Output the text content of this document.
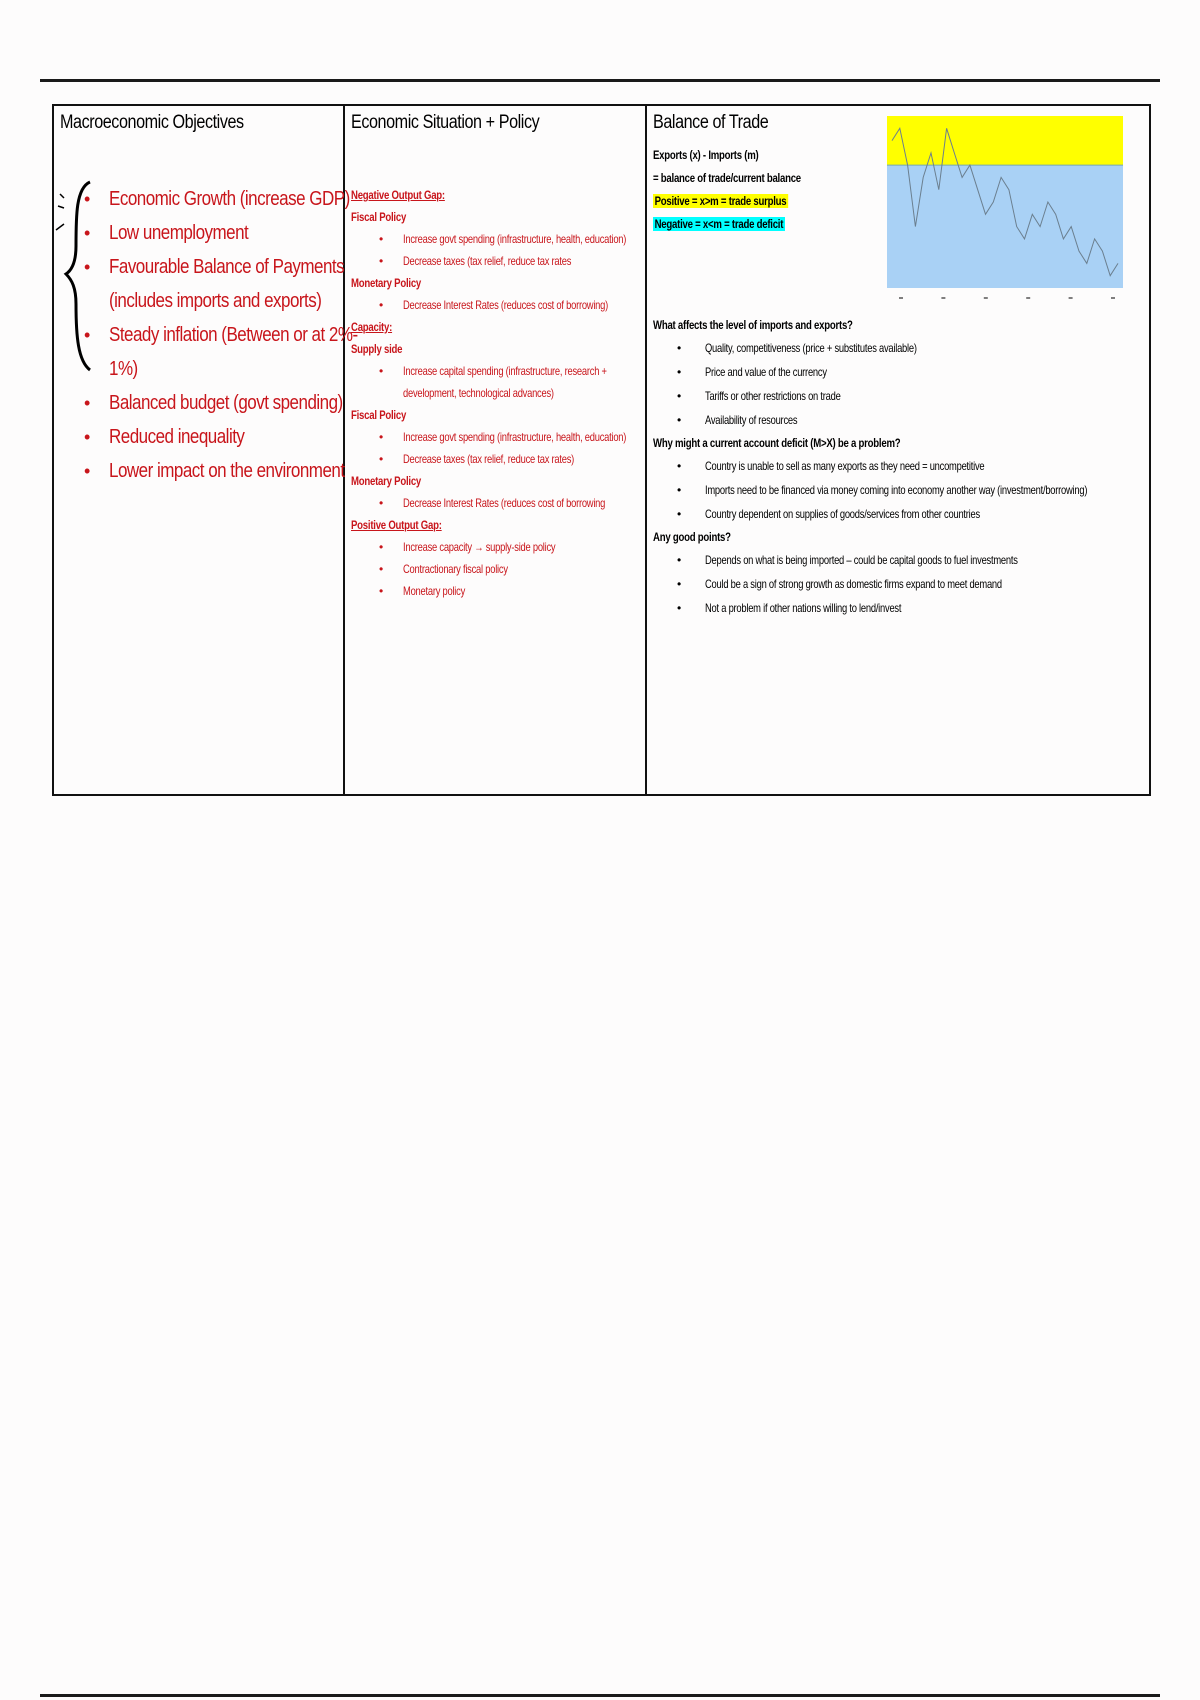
Macroeconomic Objectives
• Economic Growth (increase GDP)
• Low unemployment
• Favourable Balance of Payments
(includes imports and exports)
• Steady inflation (Between or at 2%-
1%)
• Balanced budget (govt spending)
• Reduced inequality
• Lower impact on the environment
Economic Situation + Policy
Negative Output Gap:
Fiscal Policy
• Increase govt spending (infrastructure, health, education)
• Decrease taxes (tax relief, reduce tax rates
Monetary Policy
• Decrease Interest Rates (reduces cost of borrowing)
Capacity:
Supply side
• Increase capital spending (infrastructure, research +
development, technological advances)
Fiscal Policy
• Increase govt spending (infrastructure, health, education)
• Decrease taxes (tax relief, reduce tax rates)
Monetary Policy
• Decrease Interest Rates (reduces cost of borrowing
Positive Output Gap:
• Increase capacity → supply-side policy
• Contractionary fiscal policy
• Monetary policy
Balance of Trade
Exports (x) - Imports (m)
= balance of trade/current balance
Positive = x>m = trade surplus
Negative = x<m = trade deficit
What affects the level of imports and exports?
• Quality, competitiveness (price + substitutes available)
• Price and value of the currency
• Tariffs or other restrictions on trade
• Availability of resources
Why might a current account deficit (M>X) be a problem?
• Country is unable to sell as many exports as they need = uncompetitive
• Imports need to be financed via money coming into economy another way (investment/borrowing)
• Country dependent on supplies of goods/services from other countries
Any good points?
• Depends on what is being imported – could be capital goods to fuel investments
• Could be a sign of strong growth as domestic firms expand to meet demand
• Not a problem if other nations willing to lend/invest
